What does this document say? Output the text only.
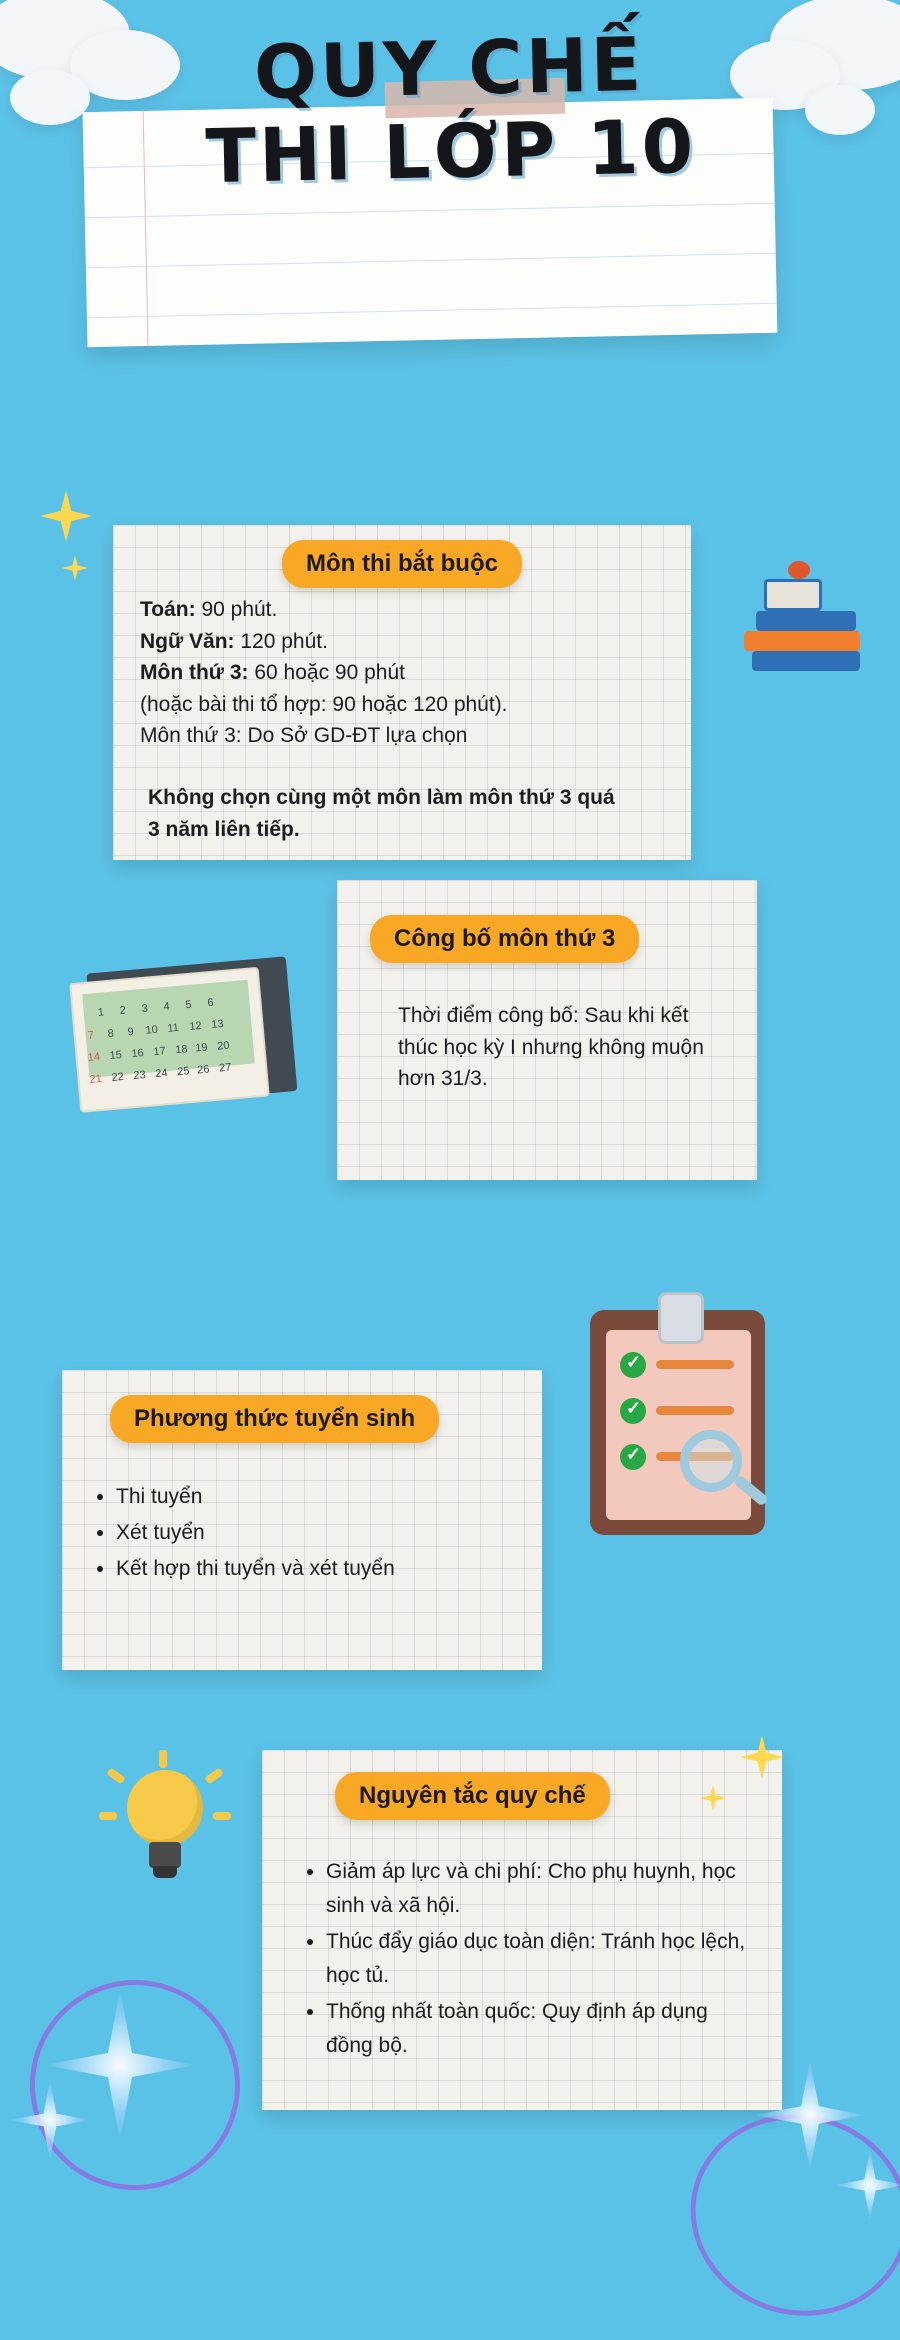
QUY CHẾ
THI LỚP 10
Môn thi bắt buộc
Toán: 90 phút.
Ngữ Văn: 120 phút.
Môn thứ 3: 60 hoặc 90 phút
(hoặc bài thi tổ hợp: 90 hoặc 120 phút).
Môn thứ 3: Do Sở GD-ĐT lựa chọn
Không chọn cùng một môn làm môn thứ 3 quá 3 năm liên tiếp.
Công bố môn thứ 3
Thời điểm công bố: Sau khi kết thúc học kỳ I nhưng không muộn hơn 31/3.
1 2 3 4 5 6
7 8 9 10 11 12 13
14 15 16 17 18 19 20
21 22 23 24 25 26 27
Phương thức tuyển sinh
• Thi tuyển
• Xét tuyển
• Kết hợp thi tuyển và xét tuyển
✓
✓
✓
Nguyên tắc quy chế
• Giảm áp lực và chi phí: Cho phụ huynh, học sinh và xã hội.
• Thúc đẩy giáo dục toàn diện: Tránh học lệch, học tủ.
• Thống nhất toàn quốc: Quy định áp dụng đồng bộ.
